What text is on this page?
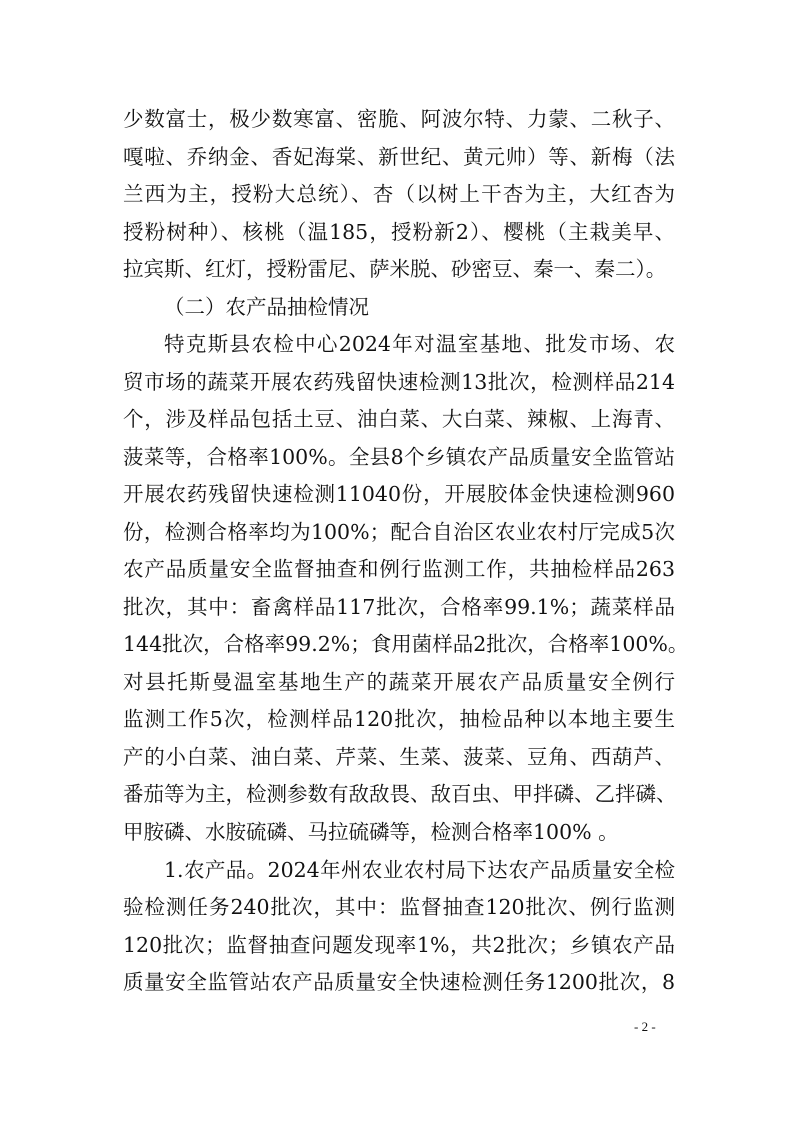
少数富士，极少数寒富、密脆、阿波尔特、力蒙、二秋子、
嘎啦、乔纳金、香妃海棠、新世纪、黄元帅）等、新梅（法
兰西为主，授粉大总统）、杏（以树上干杏为主，大红杏为
授粉树种）、核桃（温185，授粉新2）、樱桃（主栽美早、
拉宾斯、红灯，授粉雷尼、萨米脱、砂密豆、秦一、秦二）。
（二）农产品抽检情况
特克斯县农检中心2024年对温室基地、批发市场、农
贸市场的蔬菜开展农药残留快速检测13批次，检测样品214
个，涉及样品包括土豆、油白菜、大白菜、辣椒、上海青、
菠菜等，合格率100%。全县8个乡镇农产品质量安全监管站
开展农药残留快速检测11040份，开展胶体金快速检测960
份，检测合格率均为100%；配合自治区农业农村厅完成5次
农产品质量安全监督抽查和例行监测工作，共抽检样品263
批次，其中：畜禽样品117批次，合格率99.1%；蔬菜样品
144批次，合格率99.2%；食用菌样品2批次，合格率100%。
对县托斯曼温室基地生产的蔬菜开展农产品质量安全例行
监测工作5次，检测样品120批次，抽检品种以本地主要生
产的小白菜、油白菜、芹菜、生菜、菠菜、豆角、西葫芦、
番茄等为主，检测参数有敌敌畏、敌百虫、甲拌磷、乙拌磷、
甲胺磷、水胺硫磷、马拉硫磷等，检测合格率100% 。
1.农产品。2024年州农业农村局下达农产品质量安全检
验检测任务240批次，其中：监督抽查120批次、例行监测
120批次；监督抽查问题发现率1%，共2批次；乡镇农产品
质量安全监管站农产品质量安全快速检测任务1200批次，8
- 2 -
